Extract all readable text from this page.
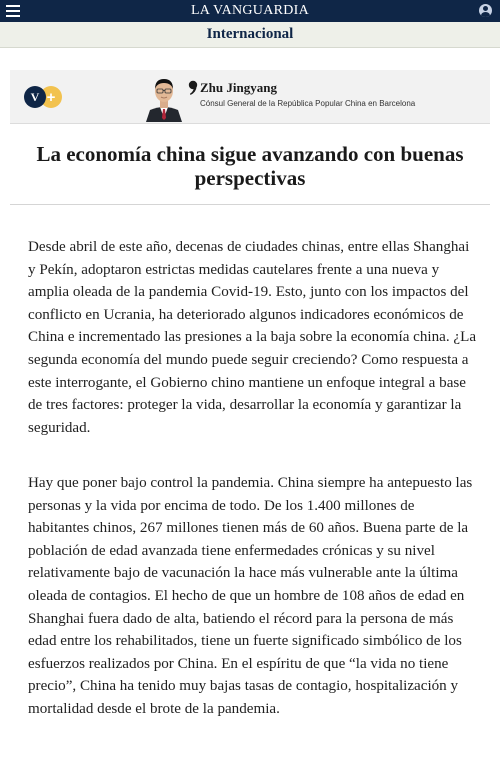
LA VANGUARDIA
Internacional
V +
Zhu Jingyang
Cónsul General de la República Popular China en Barcelona
La economía china sigue avanzando con buenas perspectivas

Desde abril de este año, decenas de ciudades chinas, entre ellas Shanghai y Pekín, adoptaron estrictas medidas cautelares frente a una nueva y amplia oleada de la pandemia Covid-19. Esto, junto con los impactos del conflicto en Ucrania, ha deteriorado algunos indicadores económicos de China e incrementado las presiones a la baja sobre la economía china. ¿La segunda economía del mundo puede seguir creciendo? Como respuesta a este interrogante, el Gobierno chino mantiene un enfoque integral a base de tres factores: proteger la vida, desarrollar la economía y garantizar la seguridad.

Hay que poner bajo control la pandemia. China siempre ha antepuesto las personas y la vida por encima de todo. De los 1.400 millones de habitantes chinos, 267 millones tienen más de 60 años. Buena parte de la población de edad avanzada tiene enfermedades crónicas y su nivel relativamente bajo de vacunación la hace más vulnerable ante la última oleada de contagios. El hecho de que un hombre de 108 años de edad en Shanghai fuera dado de alta, batiendo el récord para la persona de más edad entre los rehabilitados, tiene un fuerte significado simbólico de los esfuerzos realizados por China. En el espíritu de que “la vida no tiene precio”, China ha tenido muy bajas tasas de contagio, hospitalización y mortalidad desde el brote de la pandemia.
